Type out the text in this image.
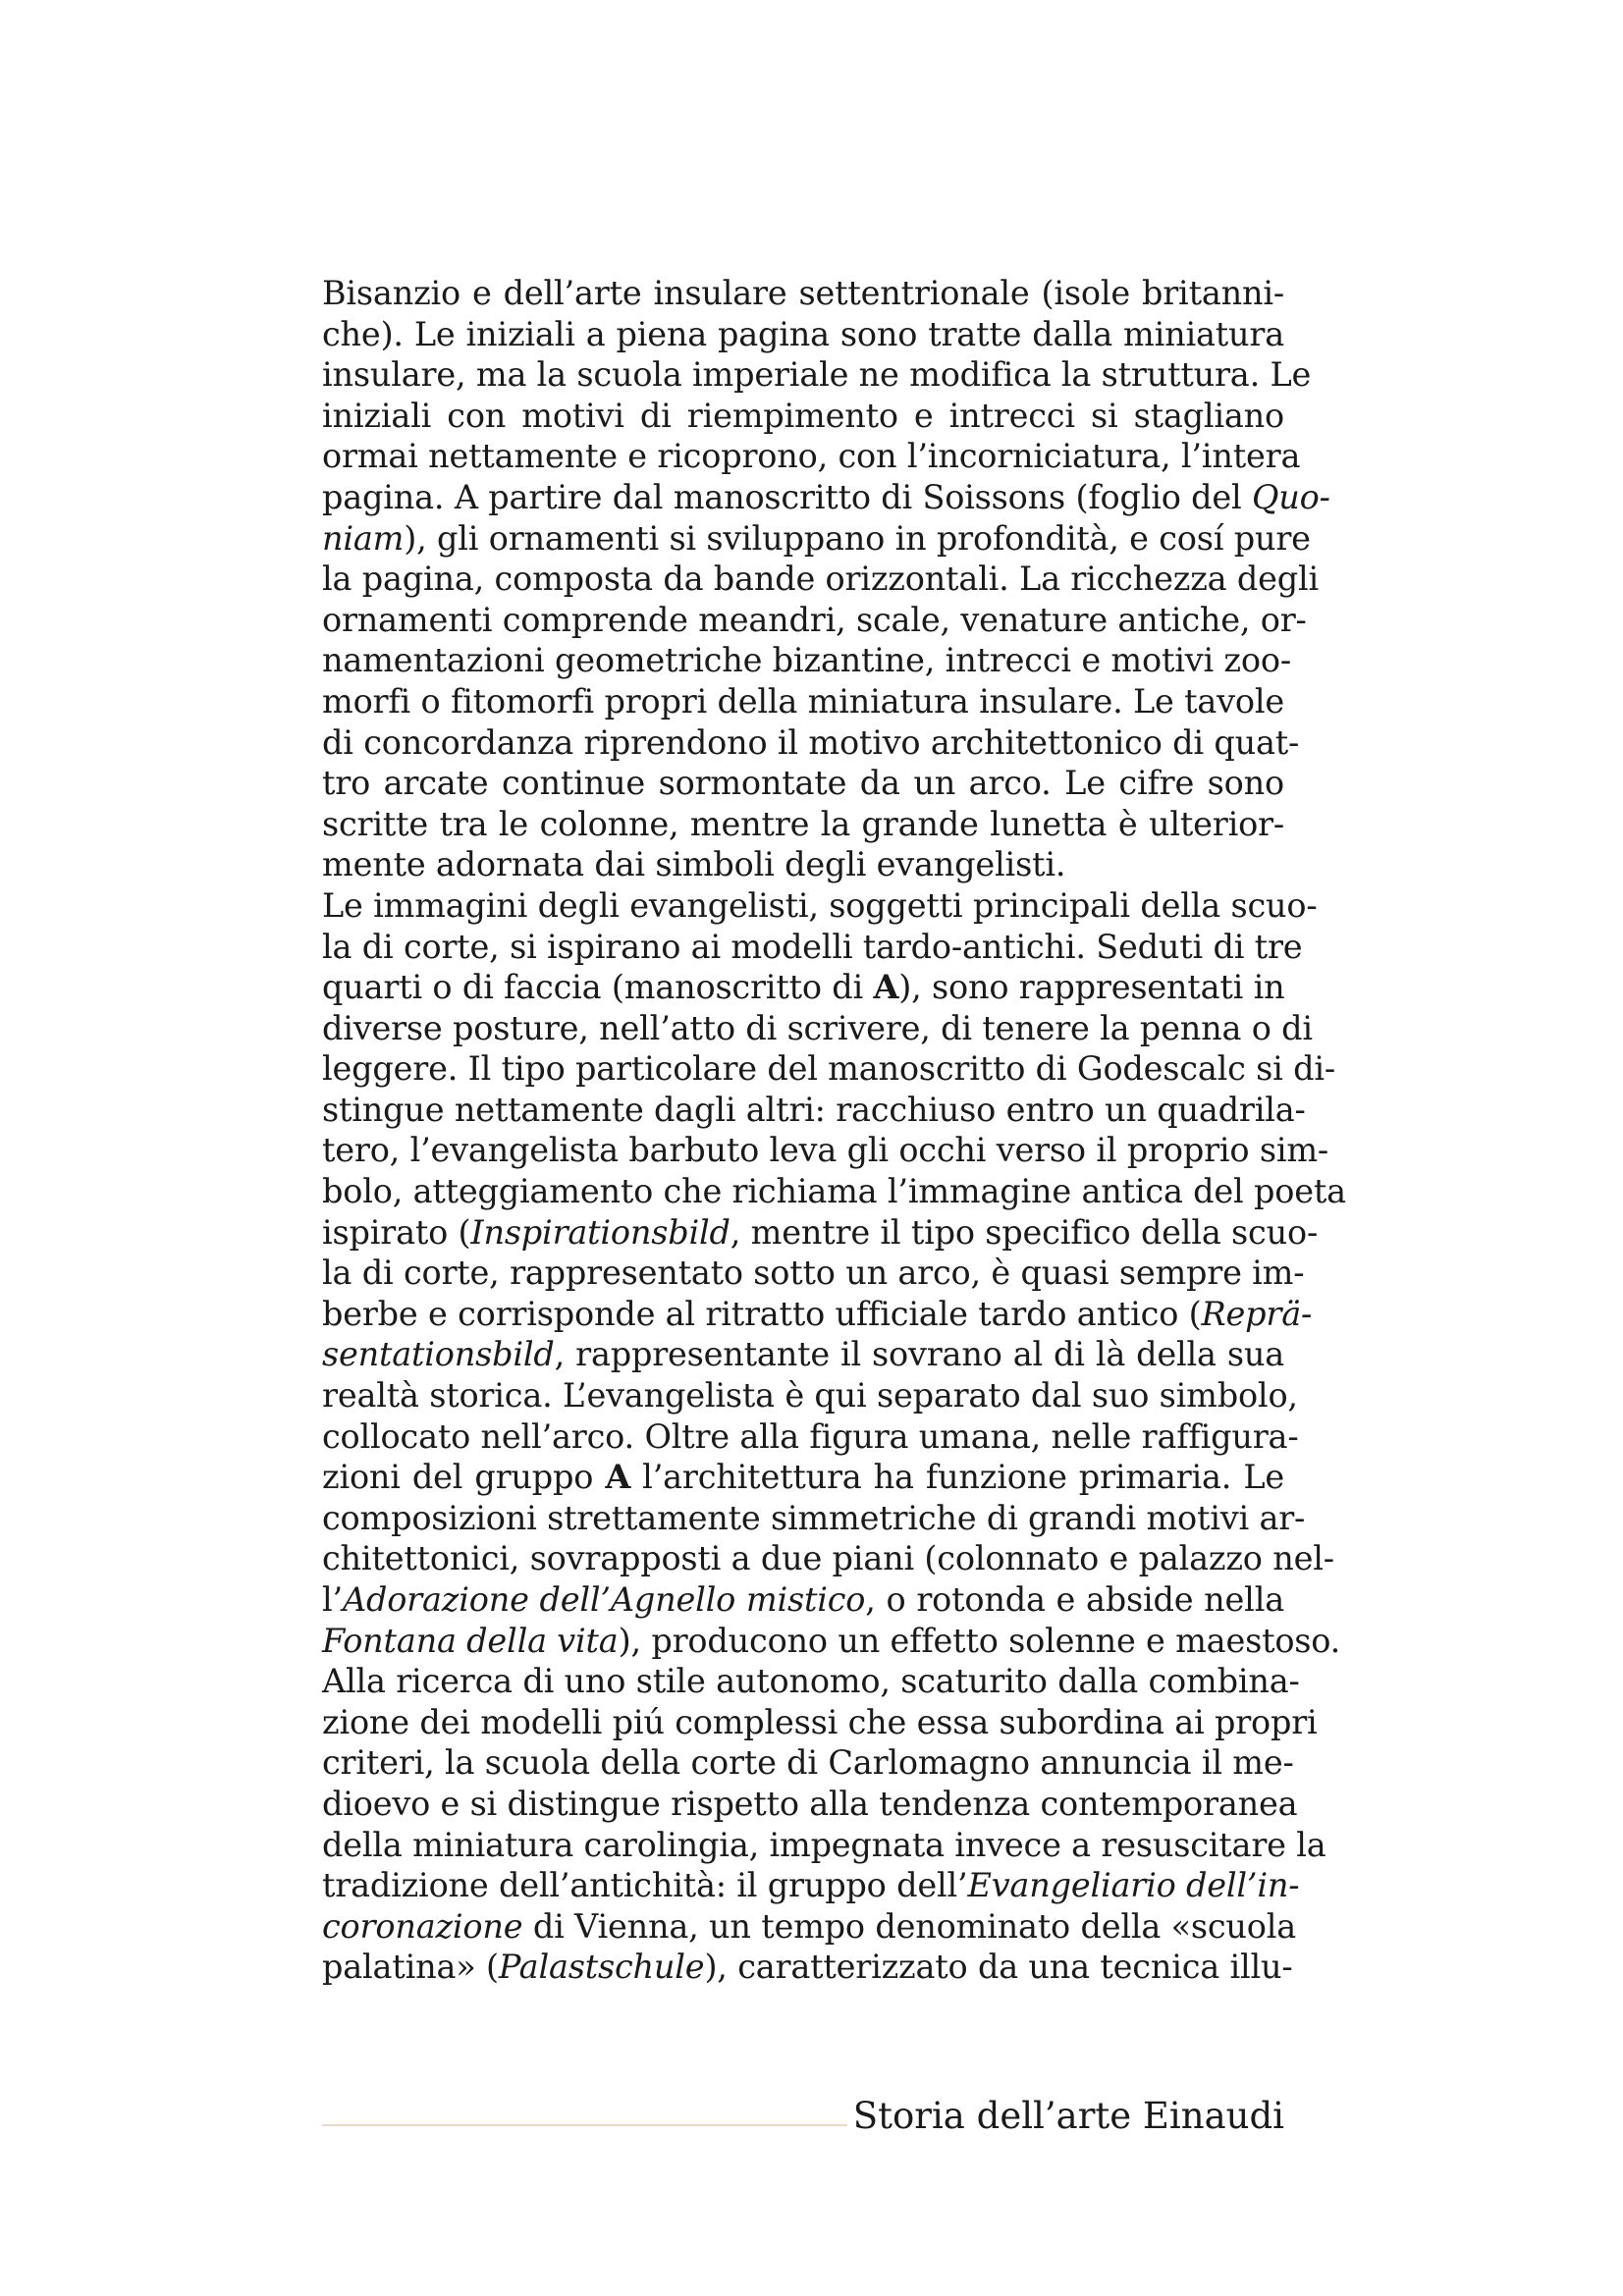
Bisanzio e dell’arte insulare settentrionale (isole britanni-
che). Le iniziali a piena pagina sono tratte dalla miniatura
insulare, ma la scuola imperiale ne modifica la struttura. Le
iniziali con motivi di riempimento e intrecci si stagliano
ormai nettamente e ricoprono, con l’incorniciatura, l’intera
pagina. A partire dal manoscritto di Soissons (foglio del Quo-
niam), gli ornamenti si sviluppano in profondità, e cosí pure
la pagina, composta da bande orizzontali. La ricchezza degli
ornamenti comprende meandri, scale, venature antiche, or-
namentazioni geometriche bizantine, intrecci e motivi zoo-
morfi o fitomorfi propri della miniatura insulare. Le tavole
di concordanza riprendono il motivo architettonico di quat-
tro arcate continue sormontate da un arco. Le cifre sono
scritte tra le colonne, mentre la grande lunetta è ulterior-
mente adornata dai simboli degli evangelisti.
Le immagini degli evangelisti, soggetti principali della scuo-
la di corte, si ispirano ai modelli tardo-antichi. Seduti di tre
quarti o di faccia (manoscritto di A), sono rappresentati in
diverse posture, nell’atto di scrivere, di tenere la penna o di
leggere. Il tipo particolare del manoscritto di Godescalc si di-
stingue nettamente dagli altri: racchiuso entro un quadrila-
tero, l’evangelista barbuto leva gli occhi verso il proprio sim-
bolo, atteggiamento che richiama l’immagine antica del poeta
ispirato (Inspirationsbild, mentre il tipo specifico della scuo-
la di corte, rappresentato sotto un arco, è quasi sempre im-
berbe e corrisponde al ritratto ufficiale tardo antico (Reprä-
sentationsbild, rappresentante il sovrano al di là della sua
realtà storica. L’evangelista è qui separato dal suo simbolo,
collocato nell’arco. Oltre alla figura umana, nelle raffigura-
zioni del gruppo A l’architettura ha funzione primaria. Le
composizioni strettamente simmetriche di grandi motivi ar-
chitettonici, sovrapposti a due piani (colonnato e palazzo nel-
l’Adorazione dell’Agnello mistico, o rotonda e abside nella
Fontana della vita), producono un effetto solenne e maestoso.
Alla ricerca di uno stile autonomo, scaturito dalla combina-
zione dei modelli piú complessi che essa subordina ai propri
criteri, la scuola della corte di Carlomagno annuncia il me-
dioevo e si distingue rispetto alla tendenza contemporanea
della miniatura carolingia, impegnata invece a resuscitare la
tradizione dell’antichità: il gruppo dell’Evangeliario dell’in-
coronazione di Vienna, un tempo denominato della «scuola
palatina» (Palastschule), caratterizzato da una tecnica illu-
Storia dell’arte Einaudi
